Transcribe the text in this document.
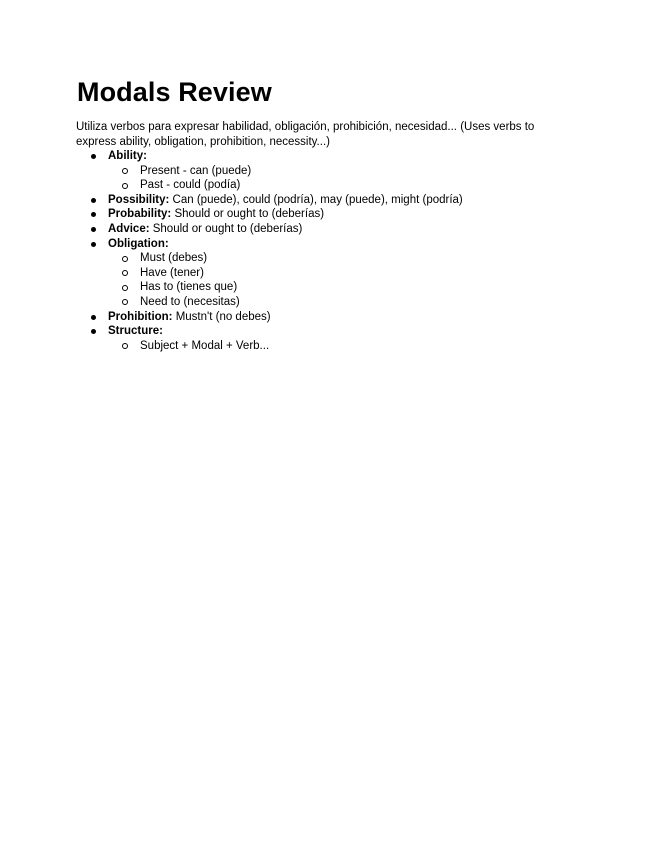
Modals Review

Utiliza verbos para expresar habilidad, obligación, prohibición, necesidad... (Uses verbs to express ability, obligation, prohibition, necessity...)

Ability:
Present - can (puede)
Past - could (podía)
Possibility: Can (puede), could (podría), may (puede), might (podría)
Probability: Should or ought to (deberías)
Advice: Should or ought to (deberías)
Obligation:
Must (debes)
Have (tener)
Has to (tienes que)
Need to (necesitas)
Prohibition: Mustn't (no debes)
Structure:
Subject + Modal + Verb...
